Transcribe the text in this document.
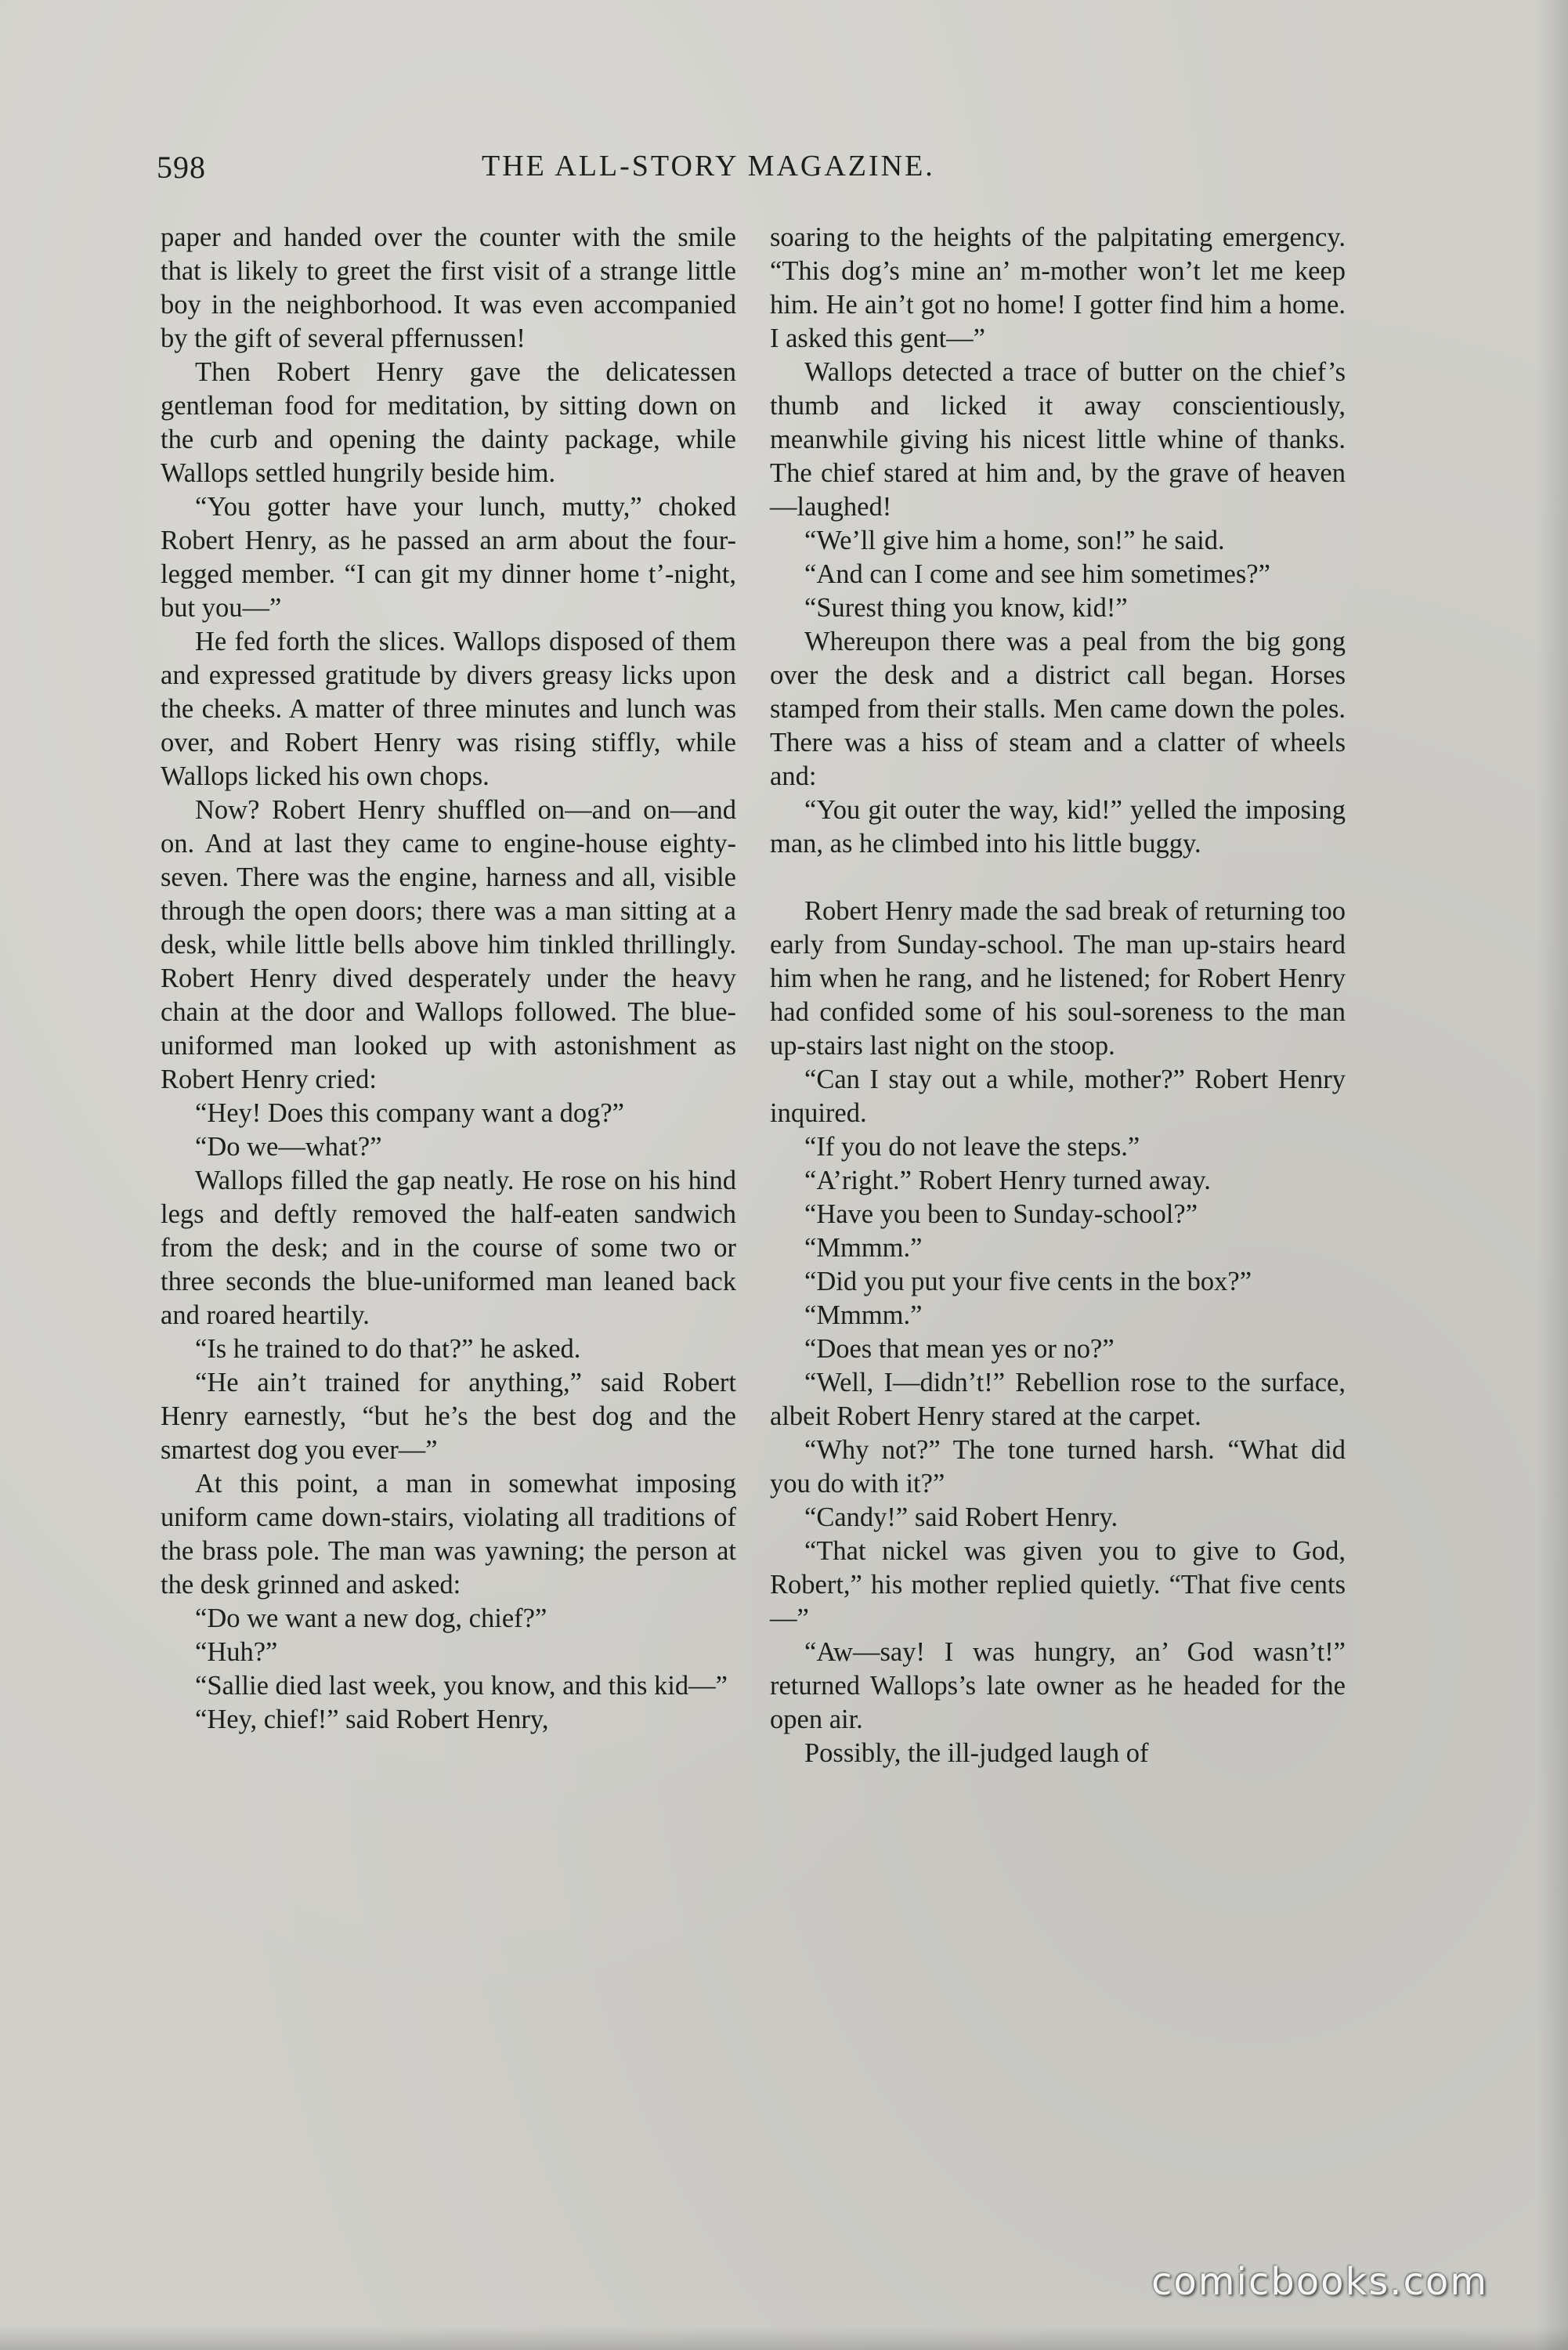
598	THE ALL-STORY MAGAZINE.

paper and handed over the counter with the smile that is likely to greet the first visit of a strange little boy in the neighborhood. It was even accompanied by the gift of several pffernussen!

Then Robert Henry gave the delicatessen gentleman food for meditation, by sitting down on the curb and opening the dainty package, while Wallops settled hungrily beside him.

“You gotter have your lunch, mutty,” choked Robert Henry, as he passed an arm about the four-legged member. “I can git my dinner home t’-night, but you—”

He fed forth the slices. Wallops disposed of them and expressed gratitude by divers greasy licks upon the cheeks. A matter of three minutes and lunch was over, and Robert Henry was rising stiffly, while Wallops licked his own chops.

Now? Robert Henry shuffled on—and on—and on. And at last they came to engine-house eighty-seven. There was the engine, harness and all, visible through the open doors; there was a man sitting at a desk, while little bells above him tinkled thrillingly. Robert Henry dived desperately under the heavy chain at the door and Wallops followed. The blue-uniformed man looked up with astonishment as Robert Henry cried:

“Hey! Does this company want a dog?”

“Do we—what?”

Wallops filled the gap neatly. He rose on his hind legs and deftly removed the half-eaten sandwich from the desk; and in the course of some two or three seconds the blue-uniformed man leaned back and roared heartily.

“Is he trained to do that?” he asked.

“He ain’t trained for anything,” said Robert Henry earnestly, “but he’s the best dog and the smartest dog you ever—”

At this point, a man in somewhat imposing uniform came down-stairs, violating all traditions of the brass pole. The man was yawning; the person at the desk grinned and asked:

“Do we want a new dog, chief?”

“Huh?”

“Sallie died last week, you know, and this kid—”

“Hey, chief!” said Robert Henry,

soaring to the heights of the palpitating emergency. “This dog’s mine an’ m-mother won’t let me keep him. He ain’t got no home! I gotter find him a home. I asked this gent—”

Wallops detected a trace of butter on the chief’s thumb and licked it away conscientiously, meanwhile giving his nicest little whine of thanks. The chief stared at him and, by the grave of heaven—laughed!

“We’ll give him a home, son!” he said.

“And can I come and see him sometimes?”

“Surest thing you know, kid!”

Whereupon there was a peal from the big gong over the desk and a district call began. Horses stamped from their stalls. Men came down the poles. There was a hiss of steam and a clatter of wheels and:

“You git outer the way, kid!” yelled the imposing man, as he climbed into his little buggy.

Robert Henry made the sad break of returning too early from Sunday-school. The man up-stairs heard him when he rang, and he listened; for Robert Henry had confided some of his soul-soreness to the man up-stairs last night on the stoop.

“Can I stay out a while, mother?” Robert Henry inquired.

“If you do not leave the steps.”

“A’right.” Robert Henry turned away.

“Have you been to Sunday-school?”

“Mmmm.”

“Did you put your five cents in the box?”

“Mmmm.”

“Does that mean yes or no?”

“Well, I—didn’t!” Rebellion rose to the surface, albeit Robert Henry stared at the carpet.

“Why not?” The tone turned harsh. “What did you do with it?”

“Candy!” said Robert Henry.

“That nickel was given you to give to God, Robert,” his mother replied quietly. “That five cents—”

“Aw—say! I was hungry, an’ God wasn’t!” returned Wallops’s late owner as he headed for the open air.

Possibly, the ill-judged laugh of

comicbooks.com
